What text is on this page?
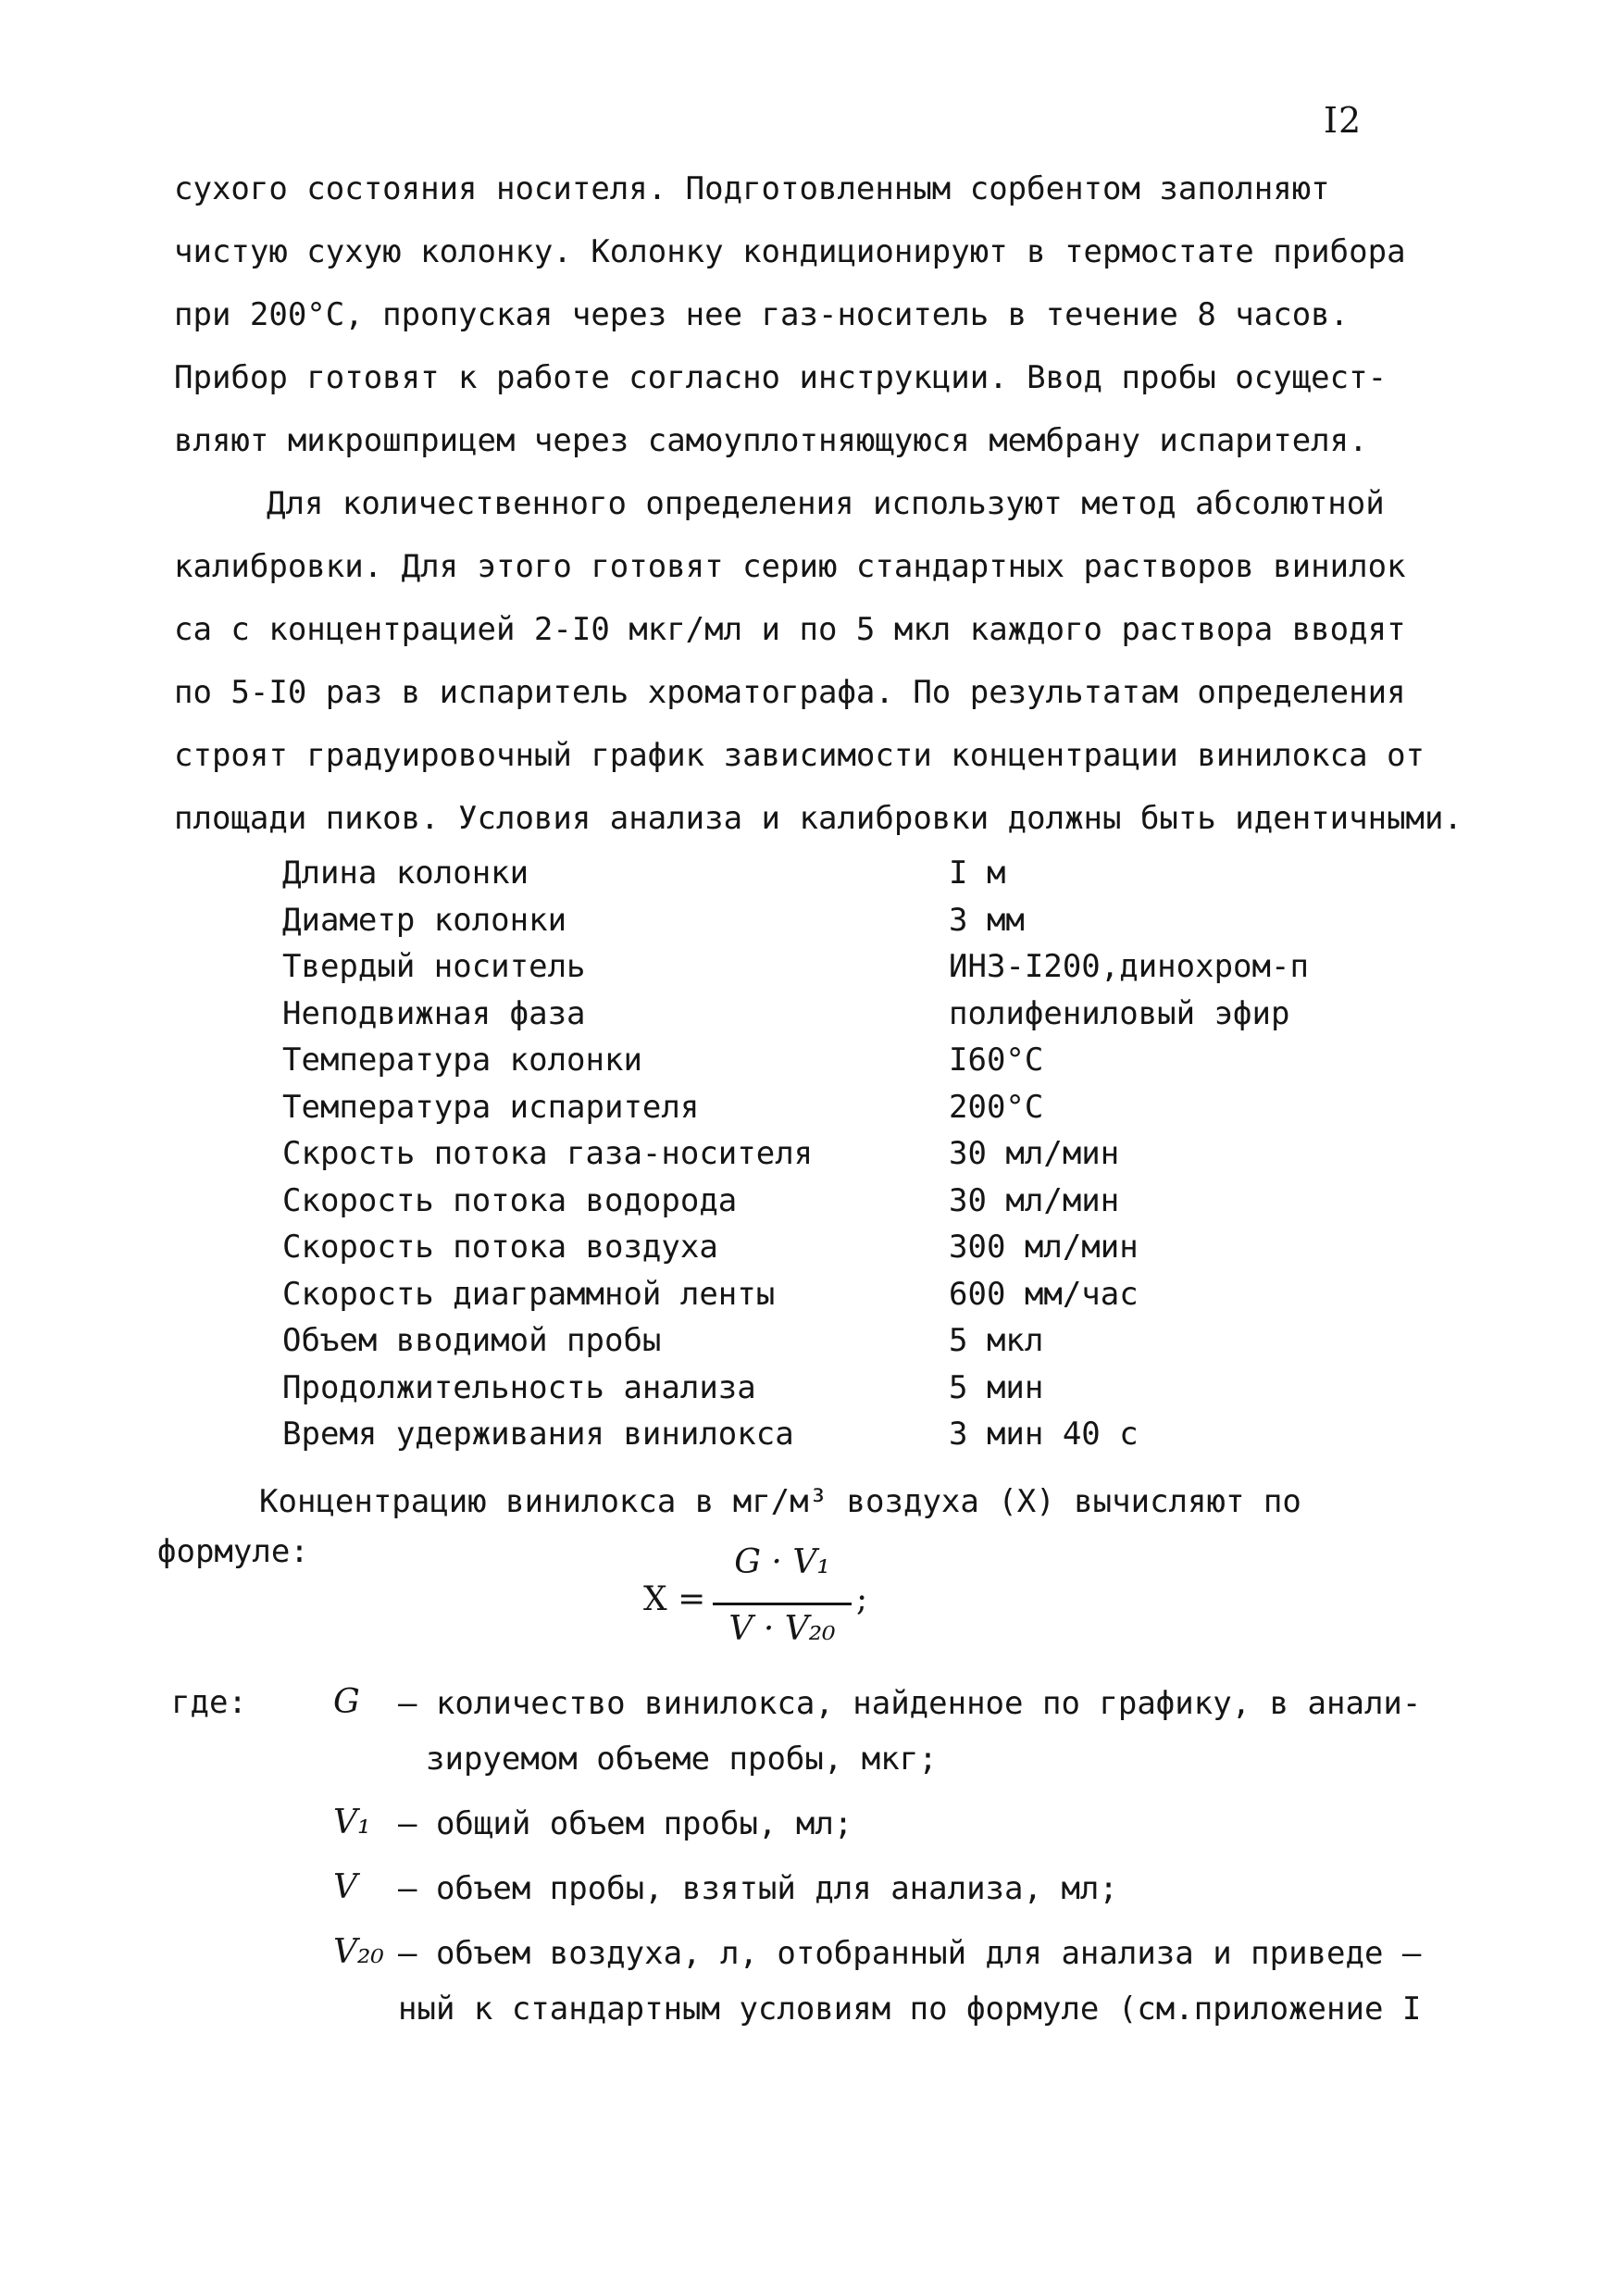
I2
сухого состояния носителя. Подготовленным сорбентом заполняют
чистую сухую колонку. Колонку кондиционируют в термостате прибора
при 200°С, пропуская через нее газ-носитель в течение 8 часов.
Прибор готовят к работе согласно инструкции. Ввод пробы осущест-
вляют микрошприцем через самоуплотняющуюся мембрану испарителя.
Для количественного определения используют метод абсолютной
калибровки. Для этого готовят серию стандартных растворов винилок
са с концентрацией 2-I0 мкг/мл и по 5 мкл каждого раствора вводят
по 5-I0 раз в испаритель хроматографа. По результатам определения
строят градуировочный график зависимости концентрации винилокса от
площади пиков. Условия анализа и калибровки должны быть идентичными.
Длина колонки	I м
Диаметр колонки	3 мм
Твердый носитель	ИНЗ-I200,динохром-п
Неподвижная фаза	полифениловый эфир
Температура колонки	I60°С
Температура испарителя	200°С
Скрость потока газа-носителя	30 мл/мин
Скорость потока водорода	30 мл/мин
Скорость потока воздуха	300 мл/мин
Скорость диаграммной ленты	600 мм/час
Объем вводимой пробы	5 мкл
Продолжительность анализа	5 мин
Время удерживания винилокса	3 мин 40 с
Концентрацию винилокса в мг/м³ воздуха (X) вычисляют по
формуле:
X =
G · V₁
V · V₂₀
;
где:	G – количество винилокса, найденное по графику, в анали-
зируемом объеме пробы, мкг;
V₁ – общий объем пробы, мл;
V – объем пробы, взятый для анализа, мл;
V₂₀ – объем воздуха, л, отобранный для анализа и приведе –
ный к стандартным условиям по формуле (см.приложение I
